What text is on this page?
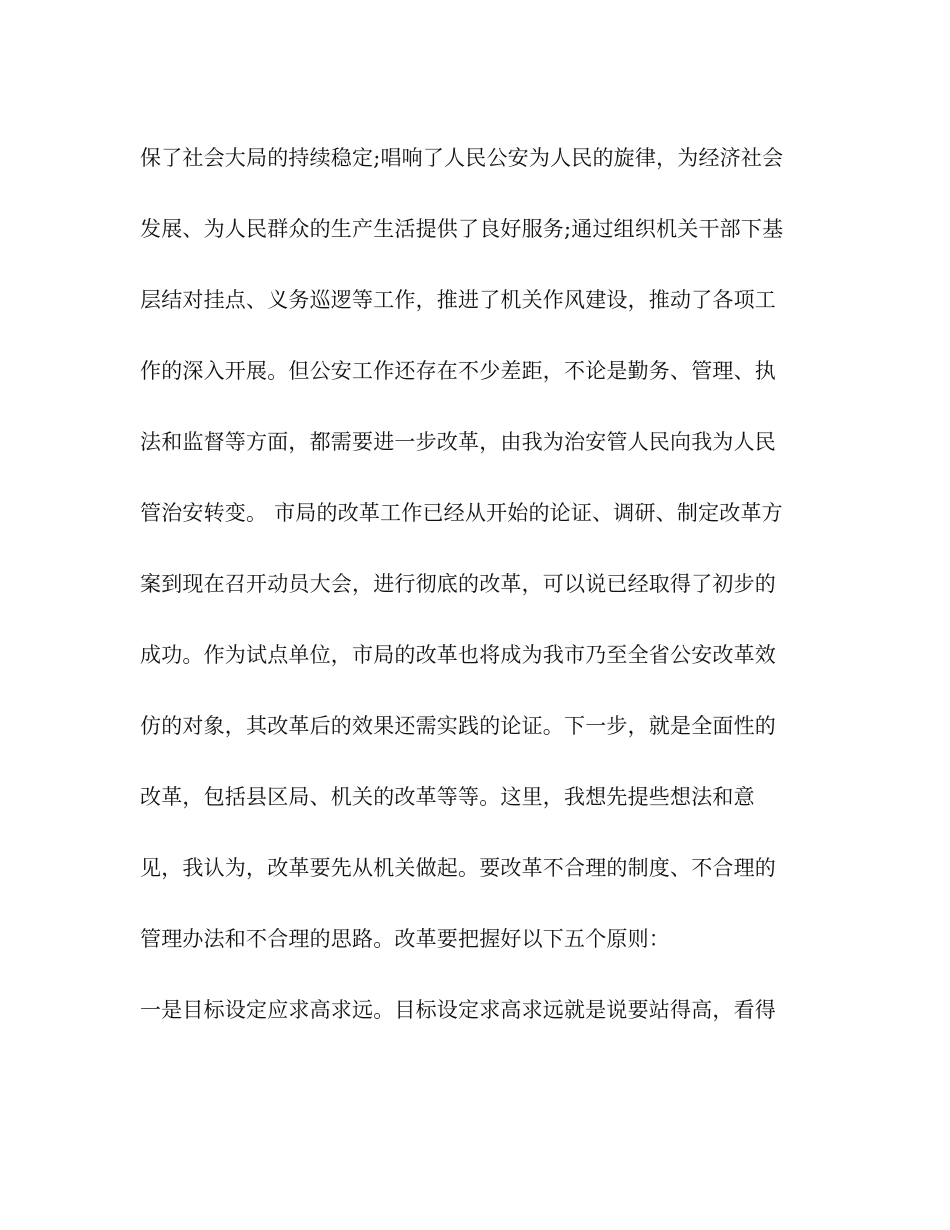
保了社会大局的持续稳定;唱响了人民公安为人民的旋律，为经济社会
发展、为人民群众的生产生活提供了良好服务;通过组织机关干部下基
层结对挂点、义务巡逻等工作，推进了机关作风建设，推动了各项工
作的深入开展。但公安工作还存在不少差距，不论是勤务、管理、执
法和监督等方面，都需要进一步改革，由我为治安管人民向我为人民
管治安转变。 市局的改革工作已经从开始的论证、调研、制定改革方
案到现在召开动员大会，进行彻底的改革，可以说已经取得了初步的
成功。作为试点单位，市局的改革也将成为我市乃至全省公安改革效
仿的对象，其改革后的效果还需实践的论证。下一步，就是全面性的
改革，包括县区局、机关的改革等等。这里，我想先提些想法和意
见，我认为，改革要先从机关做起。要改革不合理的制度、不合理的
管理办法和不合理的思路。改革要把握好以下五个原则：
一是目标设定应求高求远。目标设定求高求远就是说要站得高，看得
